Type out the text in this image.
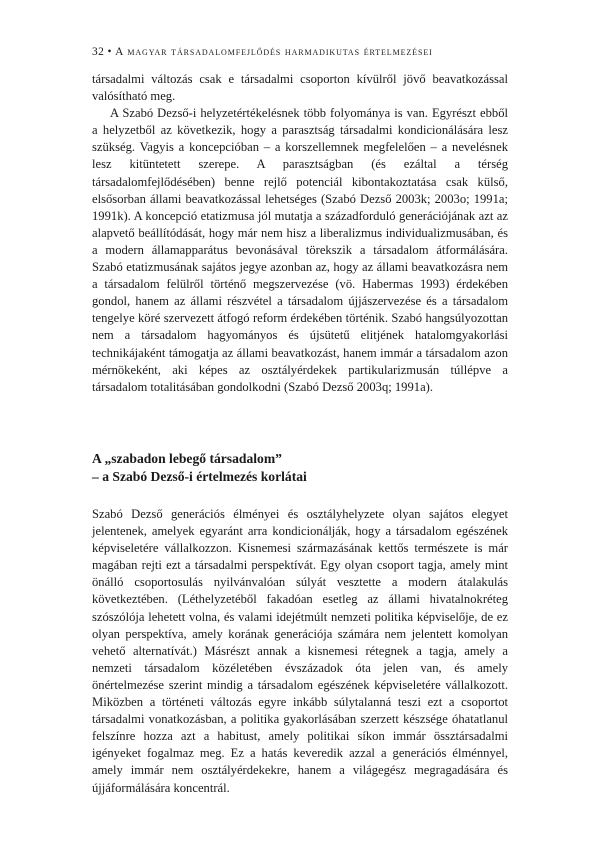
32 • A magyar társadalomfejlődés harmadikutas értelmezései

társadalmi változás csak e társadalmi csoporton kívülről jövő beavatkozással valósítható meg.

A Szabó Dezső-i helyzetértékelésnek több folyománya is van. Egyrészt ebből a helyzetből az következik, hogy a parasztság társadalmi kondicionálására lesz szükség. Vagyis a koncepcióban – a korszellemnek megfelelően – a nevelésnek lesz kitüntetett szerepe. A parasztságban (és ezáltal a térség társadalomfejlődésében) benne rejlő potenciál kibontakoztatása csak külső, elsősorban állami beavatkozással lehetséges (Szabó Dezső 2003k; 2003o; 1991a; 1991k). A koncepció etatizmusa jól mutatja a századforduló generációjának azt az alapvető beállítódását, hogy már nem hisz a liberalizmus individualizmusában, és a modern államapparátus bevonásával törekszik a társadalom átformálására. Szabó etatizmusának sajátos jegye azonban az, hogy az állami beavatkozásra nem a társadalom felülről történő megszervezése (vö. Habermas 1993) érdekében gondol, hanem az állami részvétel a társadalom újjászervezése és a társadalom tengelye köré szervezett átfogó reform érdekében történik. Szabó hangsúlyozottan nem a társadalom hagyományos és újsütetű elitjének hatalomgyakorlási technikájaként támogatja az állami beavatkozást, hanem immár a társadalom azon mérnökeként, aki képes az osztályérdekek partikularizmusán túllépve a társadalom totalitásában gondolkodni (Szabó Dezső 2003q; 1991a).

A „szabadon lebegő társadalom”
– a Szabó Dezső-i értelmezés korlátai

Szabó Dezső generációs élményei és osztályhelyzete olyan sajátos elegyet jelentenek, amelyek egyaránt arra kondicionálják, hogy a társadalom egészének képviseletére vállalkozzon. Kisnemesi származásának kettős természete is már magában rejti ezt a társadalmi perspektívát. Egy olyan csoport tagja, amely mint önálló csoportosulás nyilvánvalóan súlyát vesztette a modern átalakulás következtében. (Léthelyzetéből fakadóan esetleg az állami hivatalnokréteg szószólója lehetett volna, és valami idejétmúlt nemzeti politika képviselője, de ez olyan perspektíva, amely korának generációja számára nem jelentett komolyan vehető alternatívát.) Másrészt annak a kisnemesi rétegnek a tagja, amely a nemzeti társadalom közéletében évszázadok óta jelen van, és amely önértelmezése szerint mindig a társadalom egészének képviseletére vállalkozott. Miközben a történeti változás egyre inkább súlytalanná teszi ezt a csoportot társadalmi vonatkozásban, a politika gyakorlásában szerzett készsége óhatatlanul felszínre hozza azt a habitust, amely politikai síkon immár össztársadalmi igényeket fogalmaz meg. Ez a hatás keveredik azzal a generációs élménnyel, amely immár nem osztályérdekekre, hanem a világegész megragadására és újjáformálására koncentrál.
